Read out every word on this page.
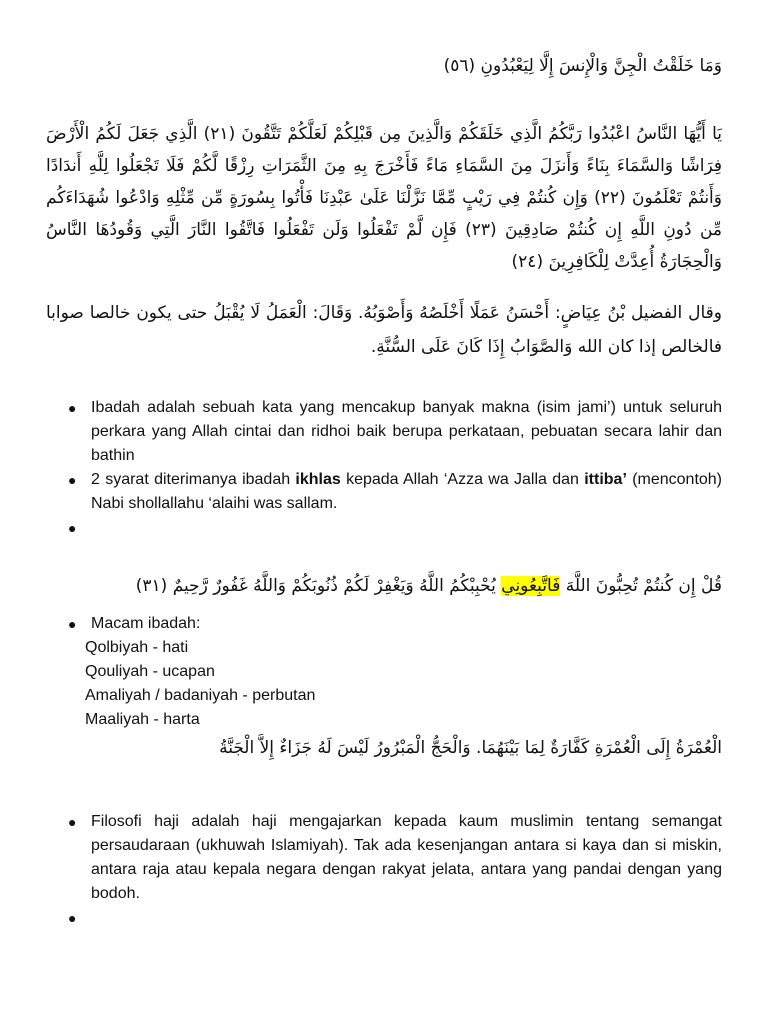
وَمَا خَلَقْتُ الْجِنَّ وَالْإِنسَ إِلَّا لِيَعْبُدُونِ (٥٦)

يَا أَيُّهَا النَّاسُ اعْبُدُوا رَبَّكُمُ الَّذِي خَلَقَكُمْ وَالَّذِينَ مِن قَبْلِكُمْ لَعَلَّكُمْ تَتَّقُونَ (٢١) الَّذِي جَعَلَ لَكُمُ الْأَرْضَ فِرَاشًا وَالسَّمَاءَ بِنَاءً وَأَنزَلَ مِنَ السَّمَاءِ مَاءً فَأَخْرَجَ بِهِ مِنَ الثَّمَرَاتِ رِزْقًا لَّكُمْ فَلَا تَجْعَلُوا لِلَّهِ أَندَادًا وَأَنتُمْ تَعْلَمُونَ (٢٢) وَإِن كُنتُمْ فِي رَيْبٍ مِّمَّا نَزَّلْنَا عَلَىٰ عَبْدِنَا فَأْتُوا بِسُورَةٍ مِّن مِّثْلِهِ وَادْعُوا شُهَدَاءَكُم مِّن دُونِ اللَّهِ إِن كُنتُمْ صَادِقِينَ (٢٣) فَإِن لَّمْ تَفْعَلُوا وَلَن تَفْعَلُوا فَاتَّقُوا النَّارَ الَّتِي وَقُودُهَا النَّاسُ وَالْحِجَارَةُ أُعِدَّتْ لِلْكَافِرِينَ (٢٤)

وقال الفضيل بْنُ عِيَاضٍ: أَحْسَنُ عَمَلًا أَخْلَصُهُ وَأَصْوَبُهُ. وَقَالَ: الْعَمَلُ لَا يُقْبَلُ حتى يكون خالصا صوابا فالخالص إذا كان الله وَالصَّوَابُ إِذَا كَانَ عَلَى السُّنَّةِ.

● Ibadah adalah sebuah kata yang mencakup banyak makna (isim jami’) untuk seluruh perkara yang Allah cintai dan ridhoi baik berupa perkataan, pebuatan secara lahir dan bathin
● 2 syarat diterimanya ibadah ikhlas kepada Allah ‘Azza wa Jalla dan ittiba’ (mencontoh) Nabi shollallahu ‘alaihi was sallam.
●

قُلْ إِن كُنتُمْ تُحِبُّونَ اللَّهَ فَاتَّبِعُونِي يُحْبِبْكُمُ اللَّهُ وَيَغْفِرْ لَكُمْ ذُنُوبَكُمْ وَاللَّهُ غَفُورٌ رَّحِيمٌ (٣١)

● Macam ibadah:
Qolbiyah - hati
Qouliyah - ucapan
Amaliyah / badaniyah - perbutan
Maaliyah - harta

الْعُمْرَةُ إِلَى الْعُمْرَةِ كَفَّارَةٌ لِمَا بَيْنَهُمَا. وَالْحَجُّ الْمَبْرُورُ لَيْسَ لَهُ جَزَاءٌ إِلاَّ الْجَنَّةُ

● Filosofi haji adalah haji mengajarkan kepada kaum muslimin tentang semangat persaudaraan (ukhuwah Islamiyah). Tak ada kesenjangan antara si kaya dan si miskin, antara raja atau kepala negara dengan rakyat jelata, antara yang pandai dengan yang bodoh.
●
